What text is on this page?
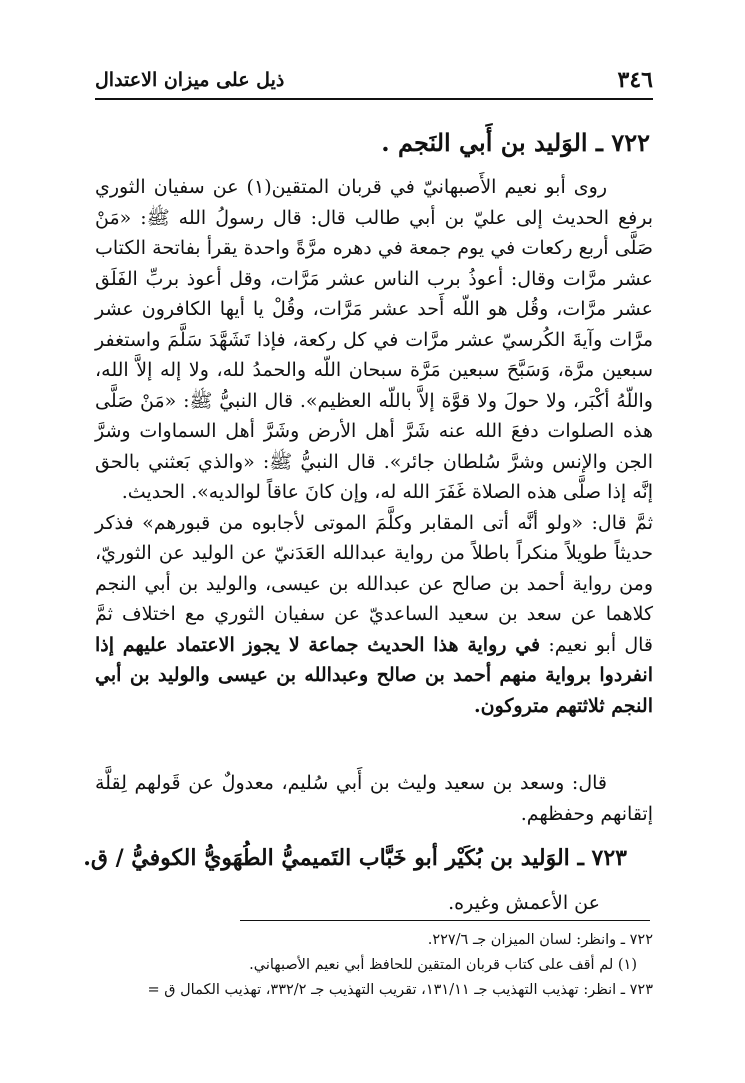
٣٤٦
ذيل على ميزان الاعتدال
٧٢٢ ـ الوَليد بن أَبي النَجم .

روى أبو نعيم الأَصبهانيّ في قربان المتقين(١) عن سفيان الثوري برفع الحديث إلى عليّ بن أبي طالب قال: قال رسولُ الله ﷺ: «مَنْ صَلَّى أربع ركعات في يوم جمعة في دهره مرَّةً واحدة يقرأ بفاتحة الكتاب عشر مرَّات وقال: أعوذُ برب الناس عشر مَرَّات، وقل أعوذ بربِّ الفَلَق عشر مرَّات، وقُل هو اللّه أَحد عشر مَرَّات، وقُلْ يا أيها الكافرون عشر مرَّات وآيةَ الكُرسيّ عشر مرَّات في كل ركعة، فإذا تَشَهَّدَ سَلَّمَ واستغفر سبعين مرَّة، وَسَبَّحَ سبعين مَرَّة سبحان اللّه والحمدُ لله، ولا إله إلاَّ الله، واللّهُ أكْبَر، ولا حولَ ولا قوَّة إلاَّ باللّه العظيم». قال النبيُّ ﷺ: «مَنْ صَلَّى هذه الصلوات دفعَ الله عنه شَرَّ أهل الأرض وشَرَّ أهل السماوات وشرَّ الجن والإنس وشرَّ سُلطان جائر». قال النبيُّ ﷺ: «والذي بَعثني بالحق إنَّه إذا صلَّى هذه الصلاة غَفَرَ الله له، وإن كانَ عاقاً لوالديه». الحديث.

ثمَّ قال: «ولو أنَّه أتى المقابر وكلَّمَ الموتى لأجابوه من قبورهم» فذكر حديثاً طويلاً منكراً باطلاً من رواية عبدالله العَدَنيّ عن الوليد عن الثوريّ، ومن رواية أحمد بن صالح عن عبدالله بن عيسى، والوليد بن أبي النجم كلاهما عن سعد بن سعيد الساعديّ عن سفيان الثوري مع اختلاف ثمَّ قال أبو نعيم: في رواية هذا الحديث جماعة لا يجوز الاعتماد عليهم إذا انفردوا برواية منهم أحمد بن صالح وعبدالله بن عيسى والوليد بن أبي النجم ثلاثتهم متروكون.

قال: وسعد بن سعيد وليث بن أَبي سُليم، معدولٌ عن قَولهم لِقلَّة إتقانهم وحفظهم.
٧٢٣ ـ الوَليد بن بُكَيْر أبو خَبَّاب التَميميُّ الطُهَويُّ الكوفيُّ / ق.
عن الأعمش وغيره.
٧٢٢ ـ وانظر: لسان الميزان جـ ٢٢٧/٦.
(١) لم أقف على كتاب قربان المتقين للحافظ أبي نعيم الأصبهاني.
٧٢٣ ـ انظر: تهذيب التهذيب جـ ١٣١/١١، تقريب التهذيب جـ ٣٣٢/٢، تهذيب الكمال ق =
